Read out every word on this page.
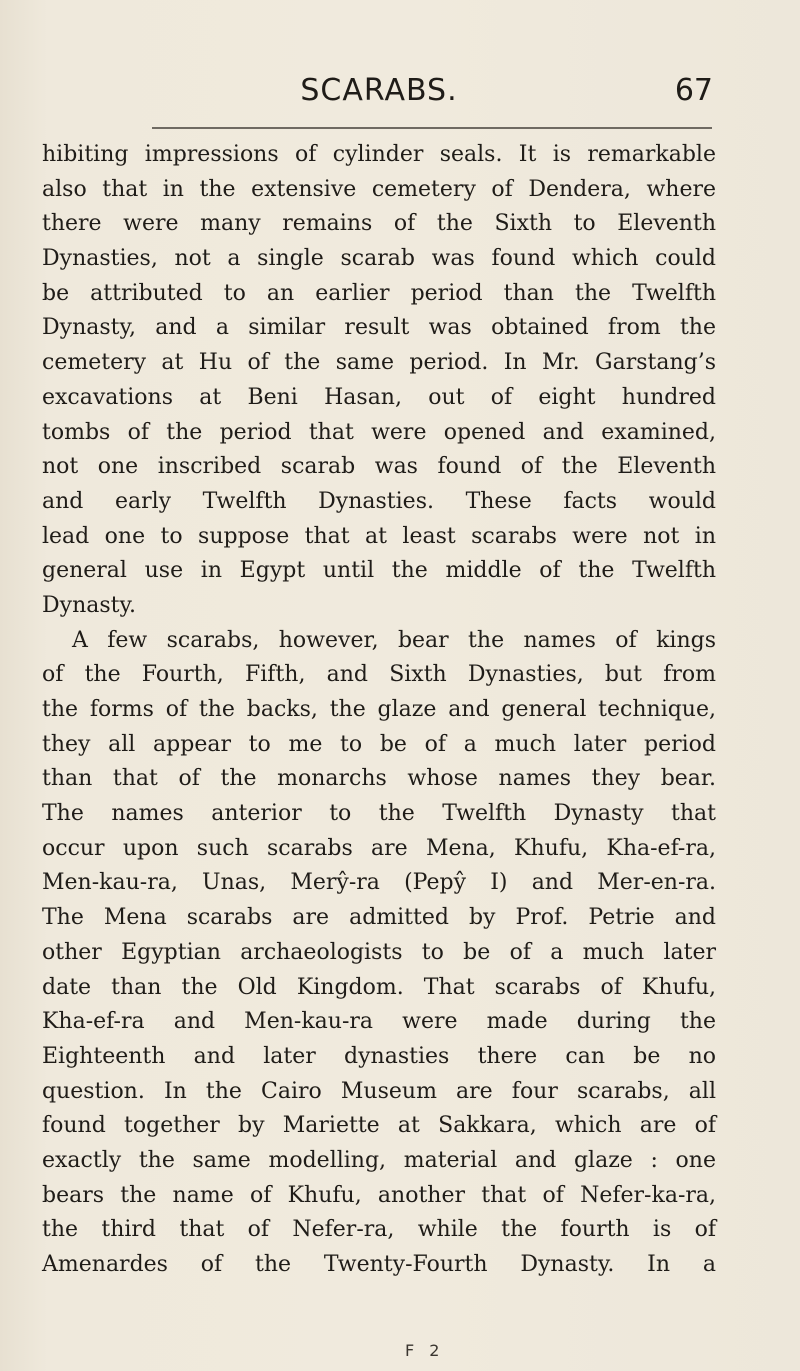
SCARABS.	67
hibiting impressions of cylinder seals. It is remarkable
also that in the extensive cemetery of Dendera, where
there were many remains of the Sixth to Eleventh
Dynasties, not a single scarab was found which could
be attributed to an earlier period than the Twelfth
Dynasty, and a similar result was obtained from the
cemetery at Hu of the same period. In Mr. Garstang’s
excavations at Beni Hasan, out of eight hundred
tombs of the period that were opened and examined,
not one inscribed scarab was found of the Eleventh
and early Twelfth Dynasties. These facts would
lead one to suppose that at least scarabs were not in
general use in Egypt until the middle of the Twelfth
Dynasty.
A few scarabs, however, bear the names of kings
of the Fourth, Fifth, and Sixth Dynasties, but from
the forms of the backs, the glaze and general technique,
they all appear to me to be of a much later period
than that of the monarchs whose names they bear.
The names anterior to the Twelfth Dynasty that
occur upon such scarabs are Mena, Khufu, Kha-ef-ra,
Men-kau-ra, Unas, Merŷ-ra (Pepŷ I) and Mer-en-ra.
The Mena scarabs are admitted by Prof. Petrie and
other Egyptian archaeologists to be of a much later
date than the Old Kingdom. That scarabs of Khufu,
Kha-ef-ra and Men-kau-ra were made during the
Eighteenth and later dynasties there can be no
question. In the Cairo Museum are four scarabs, all
found together by Mariette at Sakkara, which are of
exactly the same modelling, material and glaze : one
bears the name of Khufu, another that of Nefer-ka-ra,
the third that of Nefer-ra, while the fourth is of
Amenardes of the Twenty-Fourth Dynasty. In a
F 2
